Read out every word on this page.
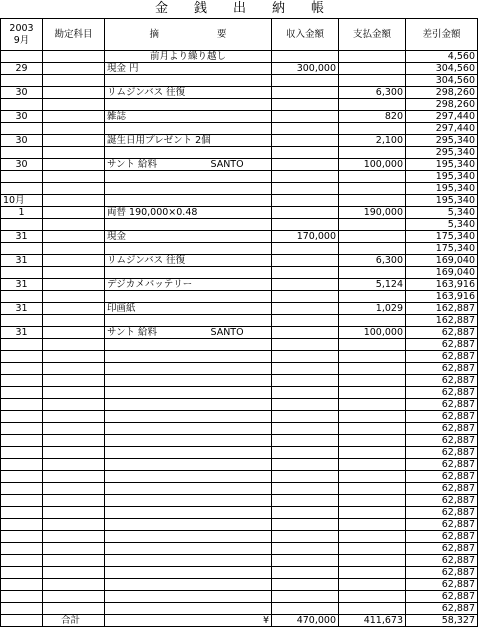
金 銭 出 納 帳
2003
9月	勘定科目	摘 要	収入金額	支払金額	差引金額
		前月より繰り越し			4,560
29		現金 円	300,000		304,560
					304,560
30		リムジンバス 往復		6,300	298,260
					298,260
30		雑誌		820	297,440
					297,440
30		誕生日用プレゼント 2個		2,100	295,340
					295,340
30		サント 給料 SANTO		100,000	195,340
					195,340
					195,340
10月					195,340
1		両替 190,000×0.48		190,000	5,340
					5,340
31		現金	170,000		175,340
					175,340
31		リムジンバス 往復		6,300	169,040
					169,040
31		デジカメバッテリー		5,124	163,916
					163,916
31		印画紙		1,029	162,887
					162,887
31		サント 給料 SANTO		100,000	62,887
					62,887
					62,887
					62,887
					62,887
					62,887
					62,887
					62,887
					62,887
					62,887
					62,887
					62,887
					62,887
					62,887
					62,887
					62,887
					62,887
					62,887
					62,887
					62,887
					62,887
					62,887
					62,887
					62,887
	合計	¥	470,000	411,673	58,327
